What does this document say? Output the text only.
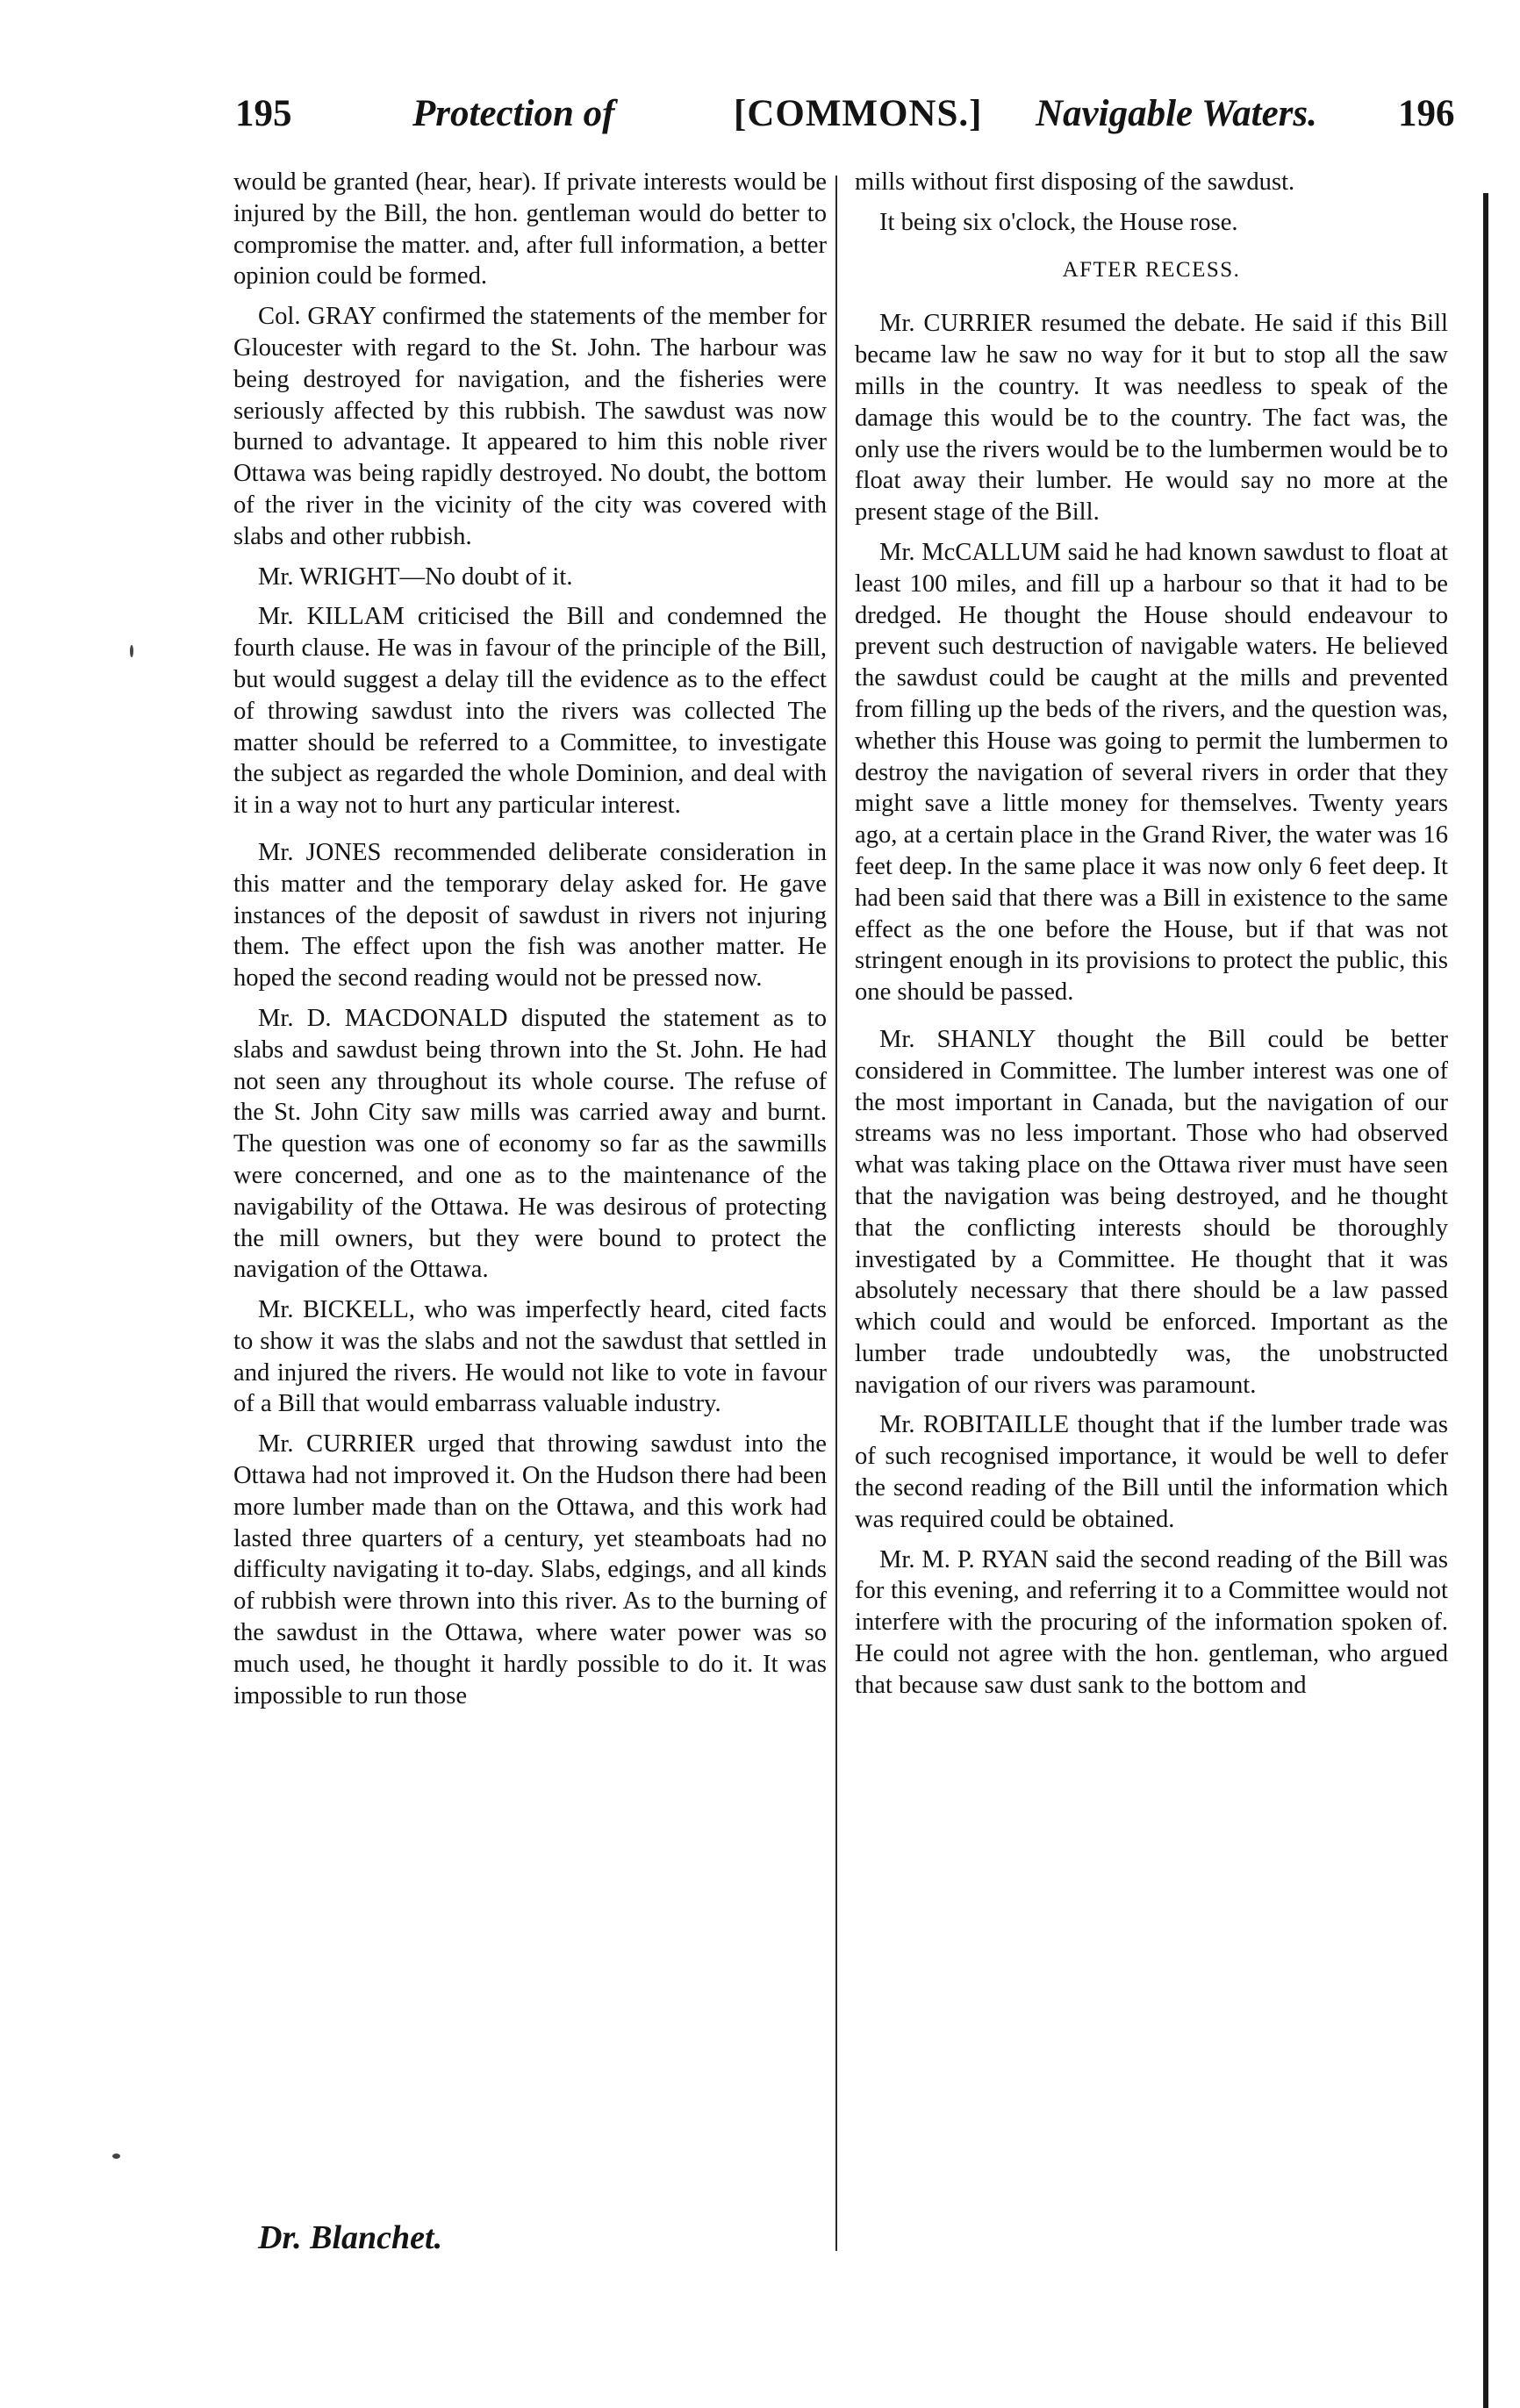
195	Protection of	[COMMONS.] Navigable Waters. 196

would be granted (hear, hear). If private interests would be injured by the Bill, the hon. gentleman would do better to compromise the matter. and, after full information, a better opinion could be formed.

Col. GRAY confirmed the statements of the member for Gloucester with regard to the St. John. The harbour was being destroyed for navigation, and the fisheries were seriously affected by this rubbish. The sawdust was now burned to advantage. It appeared to him this noble river Ottawa was being rapidly destroyed. No doubt, the bottom of the river in the vicinity of the city was covered with slabs and other rubbish.

Mr. WRIGHT—No doubt of it.

Mr. KILLAM criticised the Bill and condemned the fourth clause. He was in favour of the principle of the Bill, but would suggest a delay till the evidence as to the effect of throwing sawdust into the rivers was collected The matter should be referred to a Committee, to investigate the subject as regarded the whole Dominion, and deal with it in a way not to hurt any particular interest.

Mr. JONES recommended deliberate consideration in this matter and the temporary delay asked for. He gave instances of the deposit of sawdust in rivers not injuring them. The effect upon the fish was another matter. He hoped the second reading would not be pressed now.

Mr. D. MACDONALD disputed the statement as to slabs and sawdust being thrown into the St. John. He had not seen any throughout its whole course. The refuse of the St. John City saw mills was carried away and burnt. The question was one of economy so far as the sawmills were concerned, and one as to the maintenance of the navigability of the Ottawa. He was desirous of protecting the mill owners, but they were bound to protect the navigation of the Ottawa.

Mr. BICKELL, who was imperfectly heard, cited facts to show it was the slabs and not the sawdust that settled in and injured the rivers. He would not like to vote in favour of a Bill that would embarrass valuable industry.

Mr. CURRIER urged that throwing sawdust into the Ottawa had not improved it. On the Hudson there had been more lumber made than on the Ottawa, and this work had lasted three quarters of a century, yet steamboats had no difficulty navigating it to-day. Slabs, edgings, and all kinds of rubbish were thrown into this river. As to the burning of the sawdust in the Ottawa, where water power was so much used, he thought it hardly possible to do it. It was impossible to run those

mills without first disposing of the sawdust.

It being six o'clock, the House rose.

AFTER RECESS.

Mr. CURRIER resumed the debate. He said if this Bill became law he saw no way for it but to stop all the saw mills in the country. It was needless to speak of the damage this would be to the country. The fact was, the only use the rivers would be to the lumbermen would be to float away their lumber. He would say no more at the present stage of the Bill.

Mr. McCALLUM said he had known sawdust to float at least 100 miles, and fill up a harbour so that it had to be dredged. He thought the House should endeavour to prevent such destruction of navigable waters. He believed the sawdust could be caught at the mills and prevented from filling up the beds of the rivers, and the question was, whether this House was going to permit the lumbermen to destroy the navigation of several rivers in order that they might save a little money for themselves. Twenty years ago, at a certain place in the Grand River, the water was 16 feet deep. In the same place it was now only 6 feet deep. It had been said that there was a Bill in existence to the same effect as the one before the House, but if that was not stringent enough in its provisions to protect the public, this one should be passed.

Mr. SHANLY thought the Bill could be better considered in Committee. The lumber interest was one of the most important in Canada, but the navigation of our streams was no less important. Those who had observed what was taking place on the Ottawa river must have seen that the navigation was being destroyed, and he thought that the conflicting interests should be thoroughly investigated by a Committee. He thought that it was absolutely necessary that there should be a law passed which could and would be enforced. Important as the lumber trade undoubtedly was, the unobstructed navigation of our rivers was paramount.

Mr. ROBITAILLE thought that if the lumber trade was of such recognised importance, it would be well to defer the second reading of the Bill until the information which was required could be obtained.

Mr. M. P. RYAN said the second reading of the Bill was for this evening, and referring it to a Committee would not interfere with the procuring of the information spoken of. He could not agree with the hon. gentleman, who argued that because saw dust sank to the bottom and

Dr. Blanchet.
